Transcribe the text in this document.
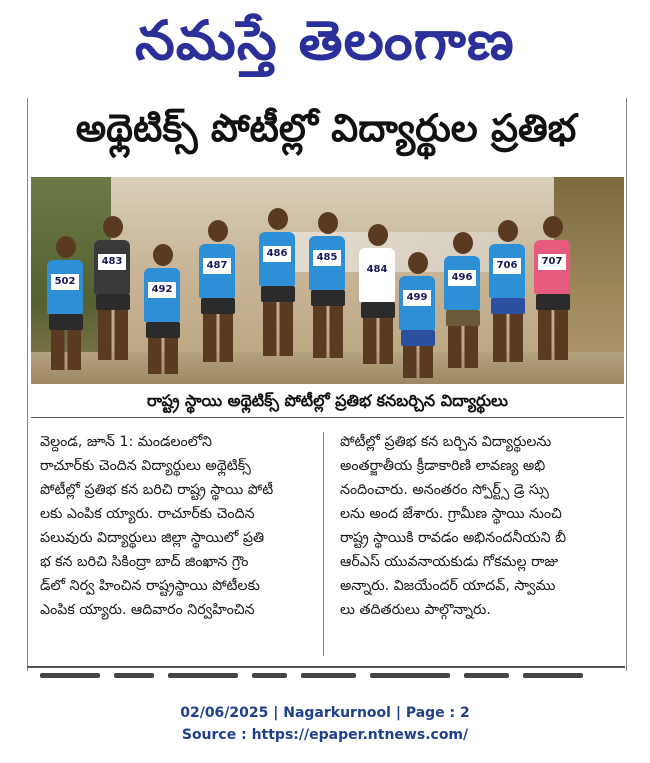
నమస్తే తెలంగాణ
అథ్లెటిక్స్ పోటీల్లో విద్యార్థుల ప్రతిభ
502
483
492
487
486	485
484
499
496
706	707
రాష్ట్ర స్థాయి అథ్లెటిక్స్ పోటీల్లో ప్రతిభ కనబర్చిన విద్యార్థులు

వెల్దండ, జూన్ 1: మండలంలోని

రాచూర్‌కు చెందిన విద్యార్థులు అథ్లెటిక్స్

పోటీల్లో ప్రతిభ కన బరిచి రాష్ట్ర స్థాయి పోటీ

లకు ఎంపిక య్యారు. రాచూర్‌కు చెందిన

పలువురు విద్యార్థులు జిల్లా స్థాయిలో ప్రతి

భ కన బరిచి సికింద్రా బాద్ జింఖాన గ్రౌం

డ్‌లో నిర్వ హించిన రాష్ట్రస్థాయి పోటీలకు

ఎంపిక య్యారు. ఆదివారం నిర్వహించిన

పోటీల్లో ప్రతిభ కన బర్చిన విద్యార్థులను

అంతర్జాతీయ క్రీడాకారిణి లావణ్య అభి

నందించారు. అనంతరం స్పోర్ట్స్ డ్రె స్సు

లను అంద జేశారు. గ్రామీణ స్థాయి నుంచి

రాష్ట్ర స్థాయికి రావడం అభినందనీయని బీ

ఆర్ఎస్ యువనాయకుడు గోకమల్ల రాజు

అన్నారు. విజయేందర్ యాదవ్, స్వాము

లు తదితరులు పాల్గొన్నారు.

02/06/2025 | Nagarkurnool | Page : 2
Source : https://epaper.ntnews.com/
